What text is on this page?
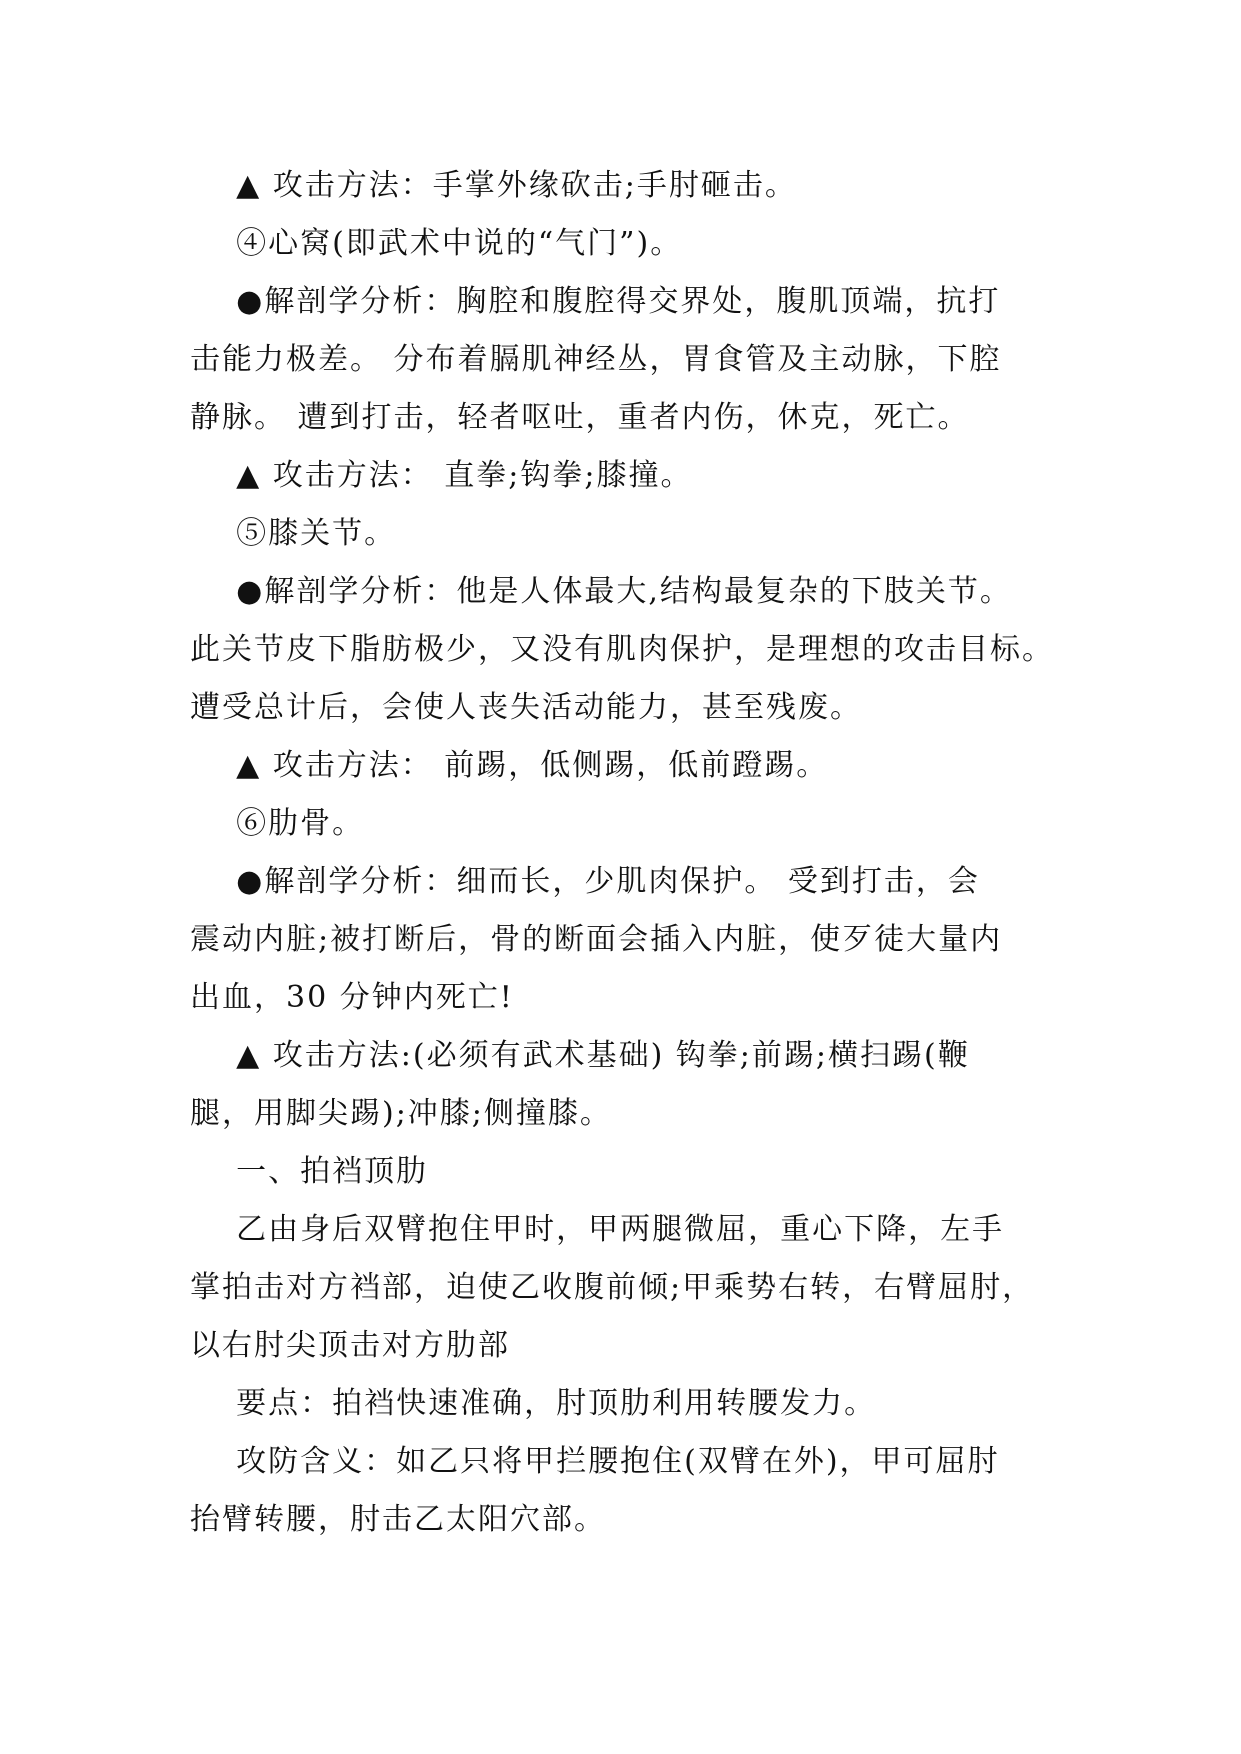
▲ 攻击方法：手掌外缘砍击;手肘砸击。
④心窝(即武术中说的“气门”)。
●解剖学分析：胸腔和腹腔得交界处，腹肌顶端，抗打
击能力极差。 分布着膈肌神经丛，胃食管及主动脉，下腔
静脉。 遭到打击，轻者呕吐，重者内伤，休克，死亡。
▲ 攻击方法： 直拳;钩拳;膝撞。
⑤膝关节。
●解剖学分析：他是人体最大,结构最复杂的下肢关节。
此关节皮下脂肪极少，又没有肌肉保护，是理想的攻击目标。
遭受总计后，会使人丧失活动能力，甚至残废。
▲ 攻击方法： 前踢，低侧踢，低前蹬踢。
⑥肋骨。
●解剖学分析：细而长，少肌肉保护。 受到打击，会
震动内脏;被打断后，骨的断面会插入内脏，使歹徒大量内
出血，30 分钟内死亡!
▲ 攻击方法:(必须有武术基础) 钩拳;前踢;横扫踢(鞭
腿，用脚尖踢);冲膝;侧撞膝。
一、拍裆顶肋
乙由身后双臂抱住甲时，甲两腿微屈，重心下降，左手
掌拍击对方裆部，迫使乙收腹前倾;甲乘势右转，右臂屈肘，
以右肘尖顶击对方肋部
要点：拍裆快速准确，肘顶肋利用转腰发力。
攻防含义：如乙只将甲拦腰抱住(双臂在外)，甲可屈肘
抬臂转腰，肘击乙太阳穴部。
